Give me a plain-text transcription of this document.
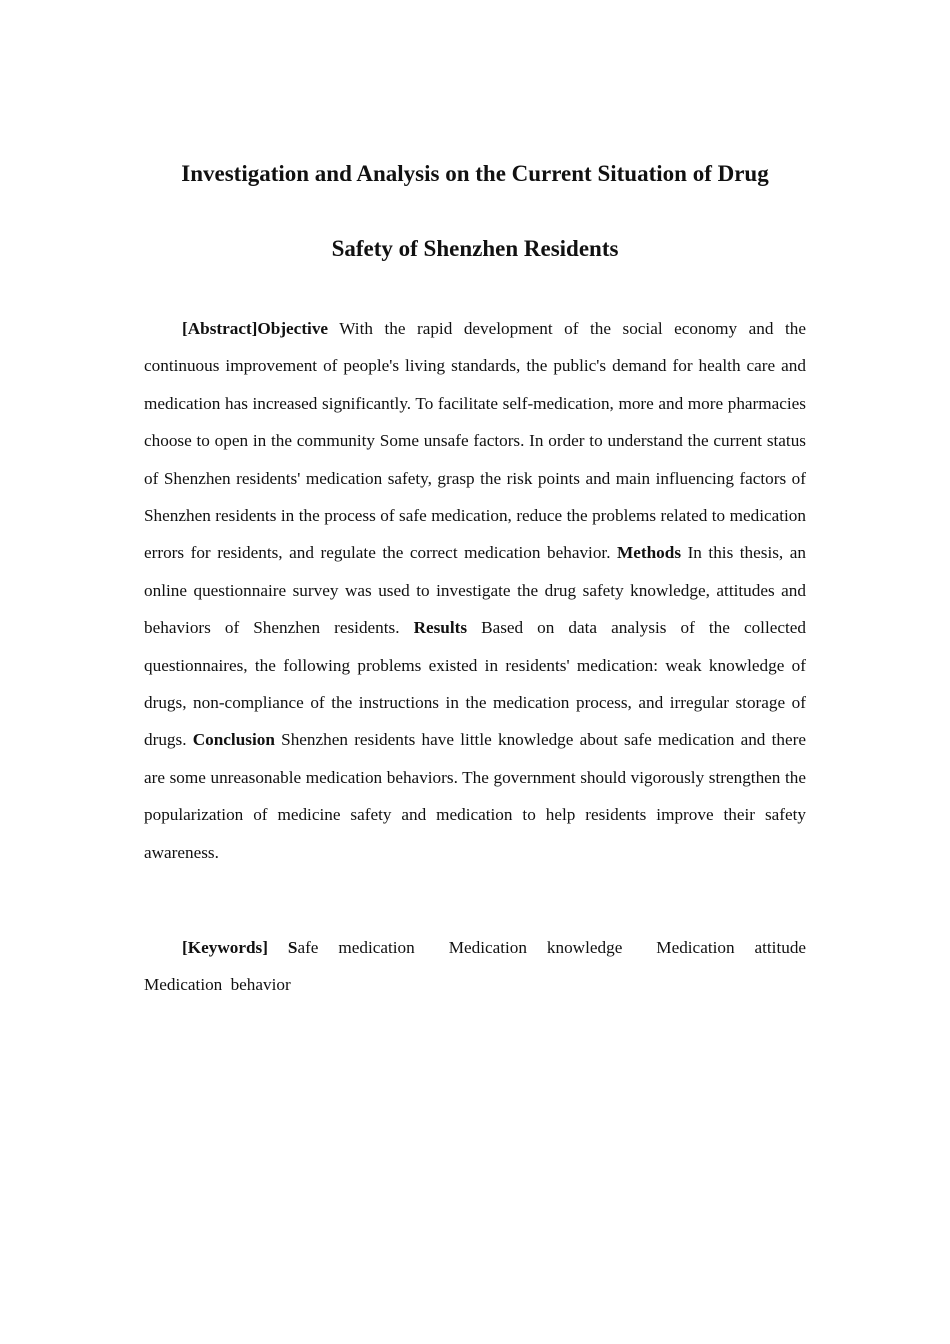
Investigation and Analysis on the Current Situation of Drug
Safety of Shenzhen Residents

[Abstract]Objective With the rapid development of the social economy and the continuous improvement of people's living standards, the public's demand for health care and medication has increased significantly. To facilitate self-medication, more and more pharmacies choose to open in the community Some unsafe factors. In order to understand the current status of Shenzhen residents' medication safety, grasp the risk points and main influencing factors of Shenzhen residents in the process of safe medication, reduce the problems related to medication errors for residents, and regulate the correct medication behavior. Methods In this thesis, an online questionnaire survey was used to investigate the drug safety knowledge, attitudes and behaviors of Shenzhen residents. Results Based on data analysis of the collected questionnaires, the following problems existed in residents' medication: weak knowledge of drugs, non-compliance of the instructions in the medication process, and irregular storage of drugs. Conclusion Shenzhen residents have little knowledge about safe medication and there are some unreasonable medication behaviors. The government should vigorously strengthen the popularization of medicine safety and medication to help residents improve their safety awareness.

[Keywords] Safe medication Medication knowledge Medication attitude Medication behavior
